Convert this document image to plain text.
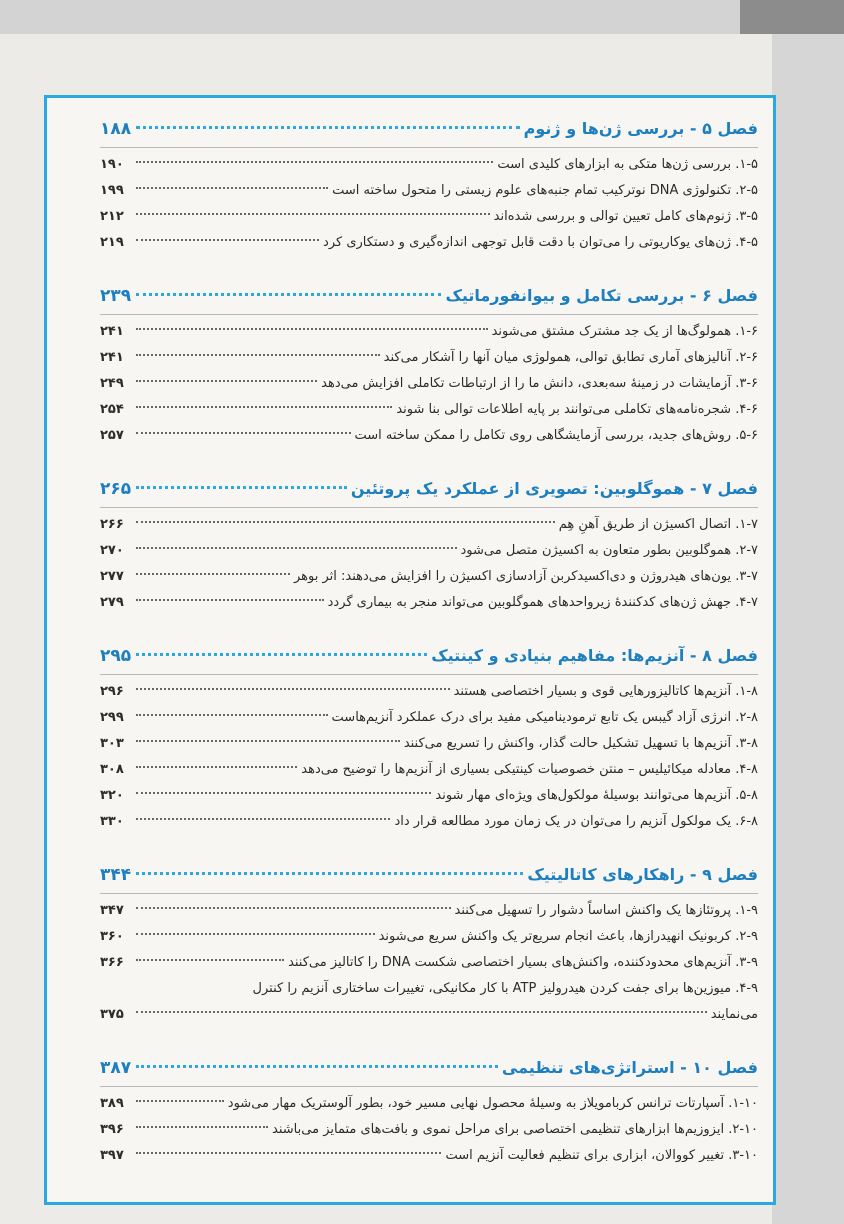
فصل ۵ - بررسی ژن‌ها و ژنوم
۱۸۸
۱-۵. بررسی ژن‌ها متکی به ابزارهای کلیدی است
۱۹۰
۲-۵. تکنولوژی DNA نوترکیب تمام جنبه‌های علوم زیستی را متحول ساخته است
۱۹۹
۳-۵. ژنوم‌های کامل تعیین توالی و بررسی شده‌اند
۲۱۲
۴-۵. ژن‌های یوکاریوتی را می‌توان با دقت قابل توجهی اندازه‌گیری و دستکاری کرد
۲۱۹
فصل ۶ - بررسی تکامل و بیوانفورماتیک
۲۳۹
۱-۶. همولوگ‌ها از یک جد مشترک مشتق می‌شوند
۲۴۱
۲-۶. آنالیزهای آماری تطابق توالی، همولوژی میان آنها را آشکار می‌کند
۲۴۱
۳-۶. آزمایشات در زمینهٔ سه‌بعدی، دانش ما را از ارتباطات تکاملی افزایش می‌دهد
۲۴۹
۴-۶. شجره‌نامه‌های تکاملی می‌توانند بر پایه اطلاعات توالی بنا شوند
۲۵۴
۵-۶. روش‌های جدید، بررسی آزمایشگاهی روی تکامل را ممکن ساخته است
۲۵۷
فصل ۷ - هموگلوبین: تصویری از عملکرد یک پروتئین
۲۶۵
۱-۷. اتصال اکسیژن از طریق آهنِ هِم
۲۶۶
۲-۷. هموگلوبین بطور متعاون به اکسیژن متصل می‌شود
۲۷۰
۳-۷. یون‌های هیدروژن و دی‌اکسیدکربن آزادسازی اکسیژن را افزایش می‌دهند: اثر بوهر
۲۷۷
۴-۷. جهش ژن‌های کدکنندهٔ زیرواحدهای هموگلوبین می‌تواند منجر به بیماری گردد
۲۷۹
فصل ۸ - آنزیم‌ها: مفاهیم بنیادی و کینتیک
۲۹۵
۱-۸. آنزیم‌ها کاتالیزورهایی قوی و بسیار اختصاصی هستند
۲۹۶
۲-۸. انرژی آزاد گیبس یک تابع ترمودینامیکی مفید برای درک عملکرد آنزیم‌هاست
۲۹۹
۳-۸. آنزیم‌ها با تسهیل تشکیل حالت گذار، واکنش را تسریع می‌کنند
۳۰۳
۴-۸. معادله میکائیلیس – منتن خصوصیات کینتیکی بسیاری از آنزیم‌ها را توضیح می‌دهد
۳۰۸
۵-۸. آنزیم‌ها می‌توانند بوسیلهٔ مولکول‌های ویژه‌ای مهار شوند
۳۲۰
۶-۸. یک مولکول آنزیم را می‌توان در یک زمان مورد مطالعه قرار داد
۳۳۰
فصل ۹ - راهکارهای کاتالیتیک
۳۴۴
۱-۹. پروتئازها یک واکنش اساساً دشوار را تسهیل می‌کنند
۳۴۷
۲-۹. کربونیک انهیدرازها، باعث انجام سریع‌تر یک واکنش سریع می‌شوند
۳۶۰
۳-۹. آنزیم‌های محدودکننده، واکنش‌های بسیار اختصاصی شکست DNA را کاتالیز می‌کنند
۳۶۶
۴-۹. میوزین‌ها برای جفت کردن هیدرولیز ATP با کار مکانیکی، تغییرات ساختاری آنزیم را کنترل
می‌نمایند
۳۷۵
فصل ۱۰ - استراتژی‌های تنظیمی
۳۸۷
۱-۱۰. آسپارتات ترانس کربامویلاز به وسیلهٔ محصول نهایی مسیر خود، بطور آلوستریک مهار می‌شود
۳۸۹
۲-۱۰. ایزوزیم‌ها ابزارهای تنظیمی اختصاصی برای مراحل نموی و بافت‌های متمایز می‌باشند
۳۹۶
۳-۱۰. تغییر کووالان، ابزاری برای تنظیم فعالیت آنزیم است
۳۹۷
